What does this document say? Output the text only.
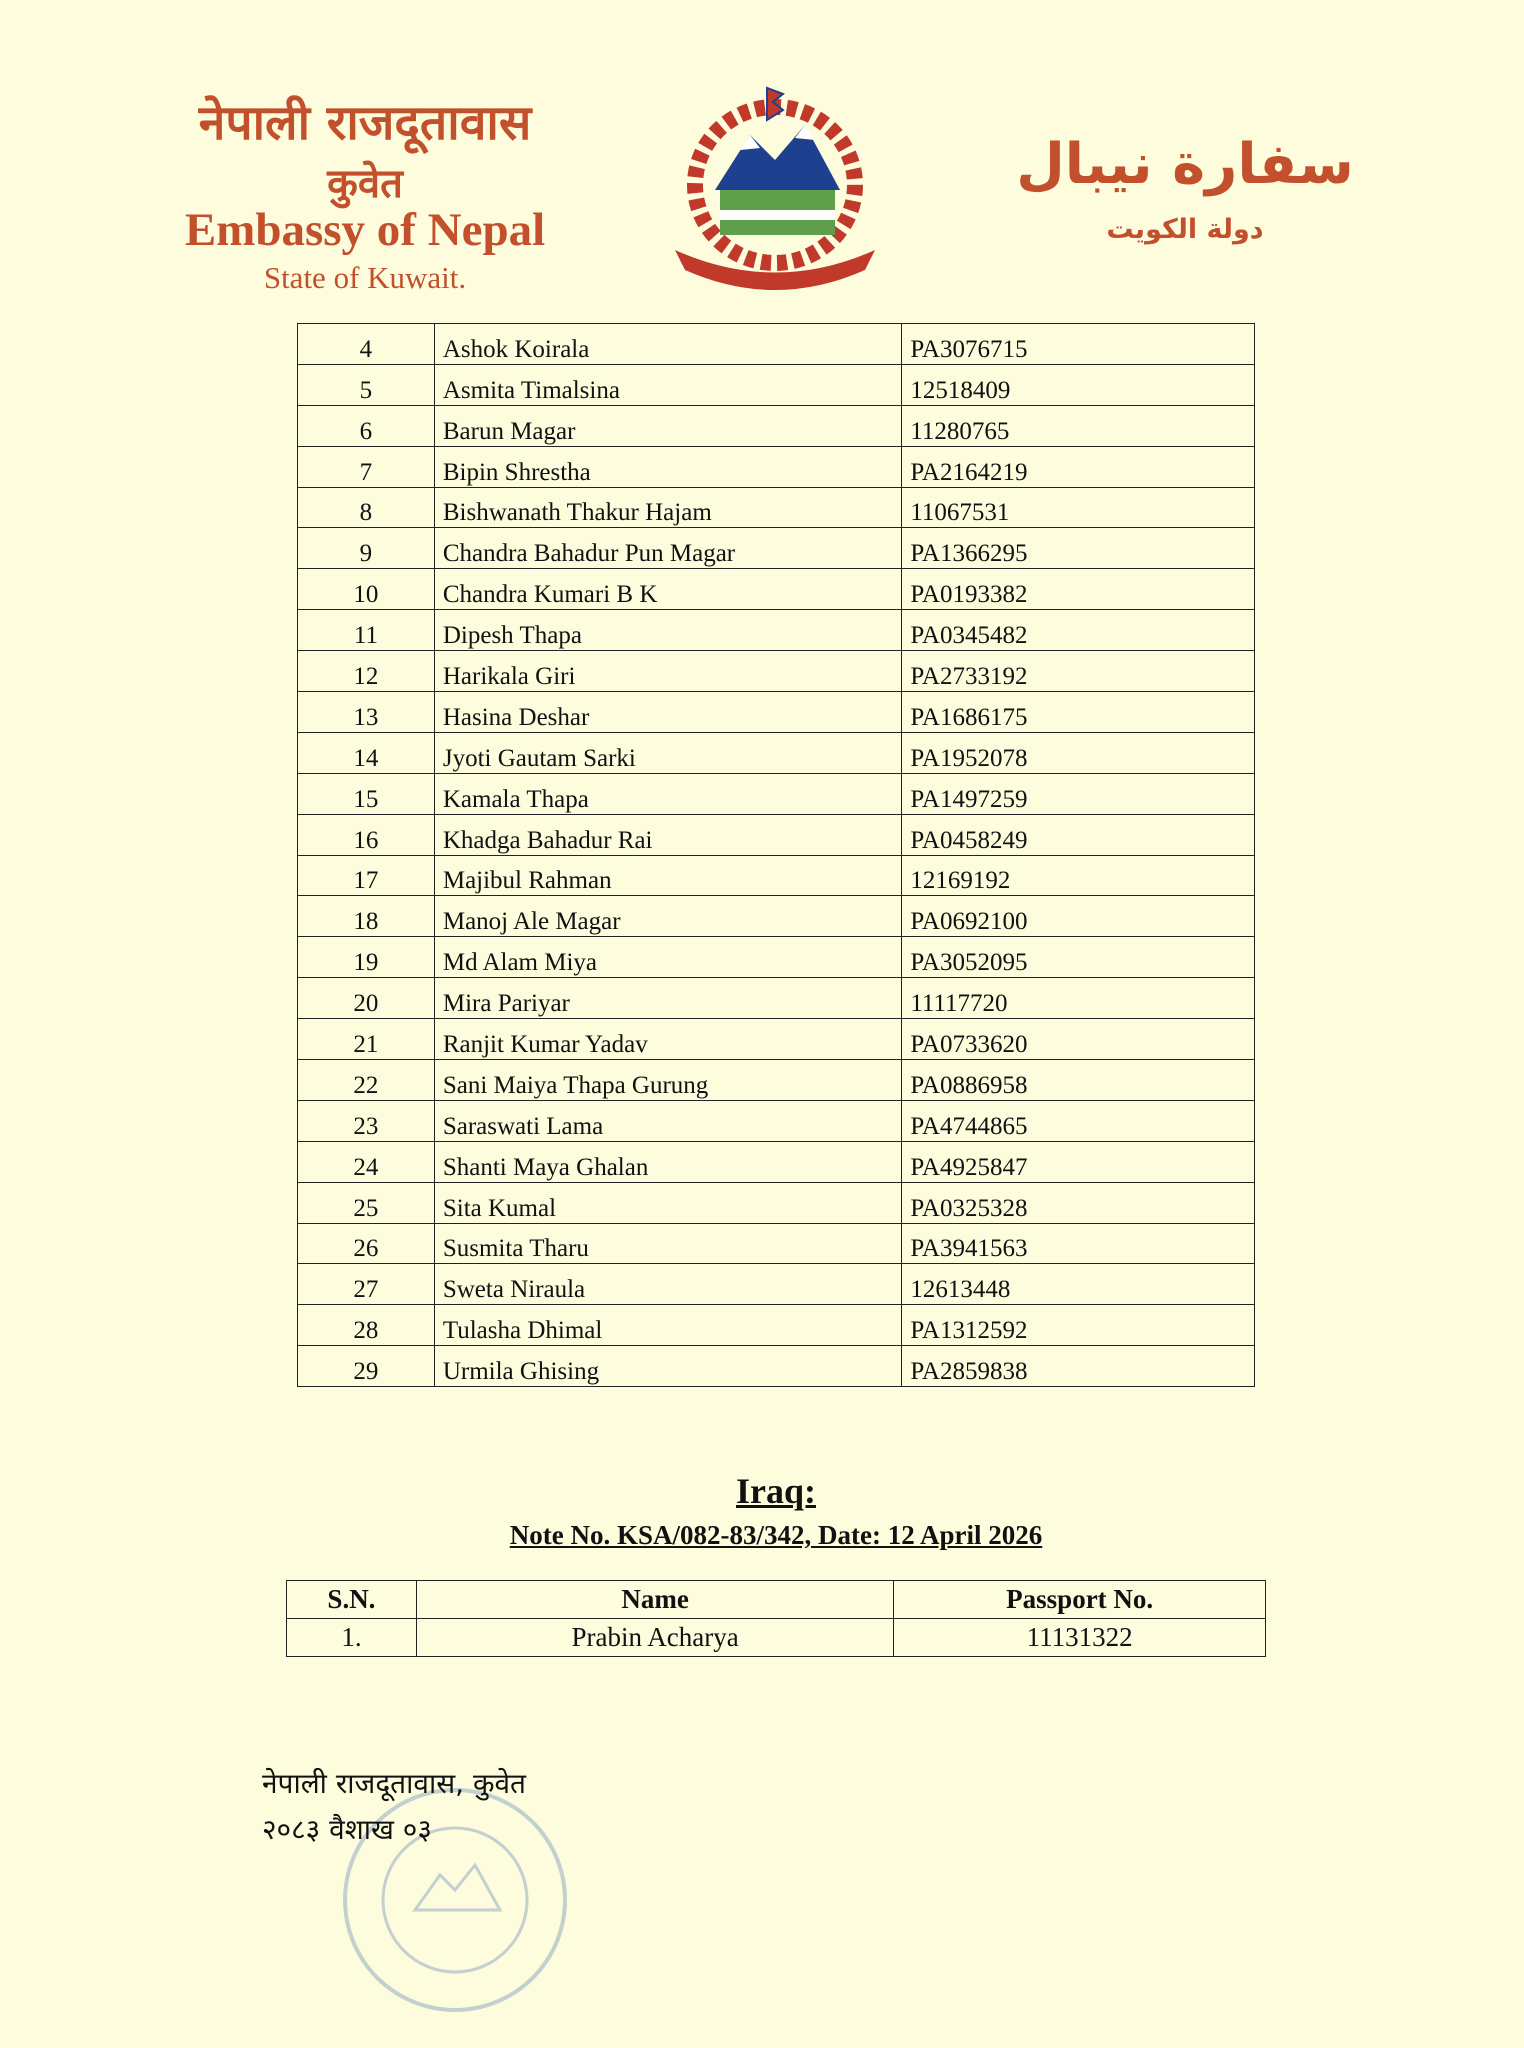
नेपाली राजदूतावास
कुवेत
Embassy of Nepal
State of Kuwait.
سفارة نيبال
دولة الكويت
4	Ashok Koirala	PA3076715
5	Asmita Timalsina	12518409
6	Barun Magar	11280765
7	Bipin Shrestha	PA2164219
8	Bishwanath Thakur Hajam	11067531
9	Chandra Bahadur Pun Magar	PA1366295
10	Chandra Kumari B K	PA0193382
11	Dipesh Thapa	PA0345482
12	Harikala Giri	PA2733192
13	Hasina Deshar	PA1686175
14	Jyoti Gautam Sarki	PA1952078
15	Kamala Thapa	PA1497259
16	Khadga Bahadur Rai	PA0458249
17	Majibul Rahman	12169192
18	Manoj Ale Magar	PA0692100
19	Md Alam Miya	PA3052095
20	Mira Pariyar	11117720
21	Ranjit Kumar Yadav	PA0733620
22	Sani Maiya Thapa Gurung	PA0886958
23	Saraswati Lama	PA4744865
24	Shanti Maya Ghalan	PA4925847
25	Sita Kumal	PA0325328
26	Susmita Tharu	PA3941563
27	Sweta Niraula	12613448
28	Tulasha Dhimal	PA1312592
29	Urmila Ghising	PA2859838
Iraq:
Note No. KSA/082-83/342, Date: 12 April 2026
S.N.	Name	Passport No.
1.	Prabin Acharya	11131322
नेपाली राजदूतावास, कुवेत
२०८३ वैशाख ०३
